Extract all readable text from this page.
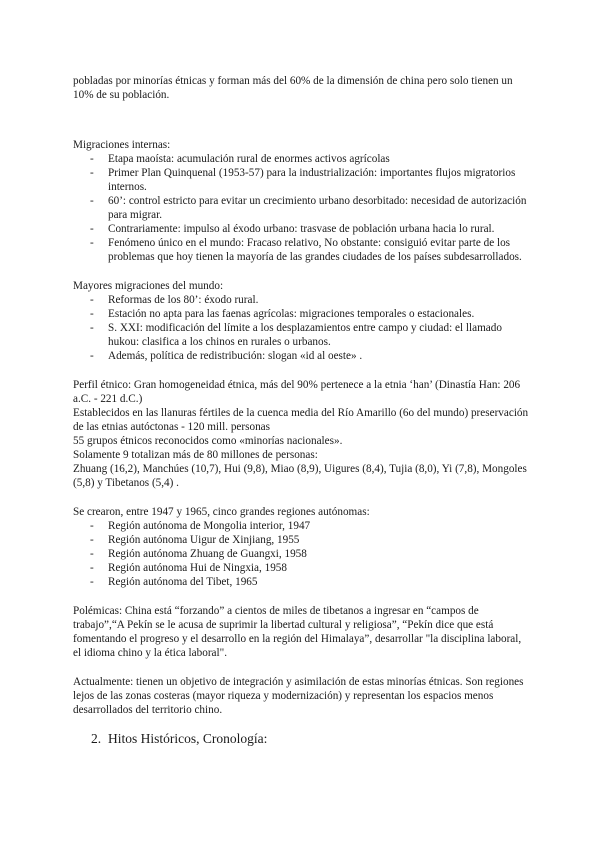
pobladas por minorías étnicas y forman más del 60% de la dimensión de china pero solo tienen un 10% de su población.

Migraciones internas:

- Etapa maoísta: acumulación rural de enormes activos agrícolas
- Primer Plan Quinquenal (1953-57) para la industrialización: importantes flujos migratorios internos.
- 60’: control estricto para evitar un crecimiento urbano desorbitado: necesidad de autorización para migrar.
- Contrariamente: impulso al éxodo urbano: trasvase de población urbana hacia lo rural.
- Fenómeno único en el mundo: Fracaso relativo, No obstante: consiguió evitar parte de los problemas que hoy tienen la mayoría de las grandes ciudades de los países subdesarrollados.

Mayores migraciones del mundo:

- Reformas de los 80’: éxodo rural.
- Estación no apta para las faenas agrícolas: migraciones temporales o estacionales.
- S. XXI: modificación del límite a los desplazamientos entre campo y ciudad: el llamado hukou: clasifica a los chinos en rurales o urbanos.
- Además, política de redistribución: slogan «id al oeste» .

Perfil étnico: Gran homogeneidad étnica, más del 90% pertenece a la etnia ‘han’ (Dinastía Han: 206 a.C. - 221 d.C.)

Establecidos en las llanuras fértiles de la cuenca media del Río Amarillo (6o del mundo) preservación de las etnias autóctonas - 120 mill. personas

55 grupos étnicos reconocidos como «minorías nacionales».

Solamente 9 totalizan más de 80 millones de personas:

Zhuang (16,2), Manchúes (10,7), Hui (9,8), Miao (8,9), Uigures (8,4), Tujia (8,0), Yi (7,8), Mongoles (5,8) y Tibetanos (5,4) .

Se crearon, entre 1947 y 1965, cinco grandes regiones autónomas:

- Región autónoma de Mongolia interior, 1947
- Región autónoma Uigur de Xinjiang, 1955
- Región autónoma Zhuang de Guangxi, 1958
- Región autónoma Hui de Ningxia, 1958
- Región autónoma del Tibet, 1965

Polémicas: China está “forzando” a cientos de miles de tibetanos a ingresar en “campos de trabajo”,“A Pekín se le acusa de suprimir la libertad cultural y religiosa”, “Pekín dice que está fomentando el progreso y el desarrollo en la región del Himalaya”, desarrollar "la disciplina laboral, el idioma chino y la ética laboral".

Actualmente: tienen un objetivo de integración y asimilación de estas minorías étnicas. Son regiones lejos de las zonas costeras (mayor riqueza y modernización) y representan los espacios menos desarrollados del territorio chino.

2. Hitos Históricos, Cronología:
